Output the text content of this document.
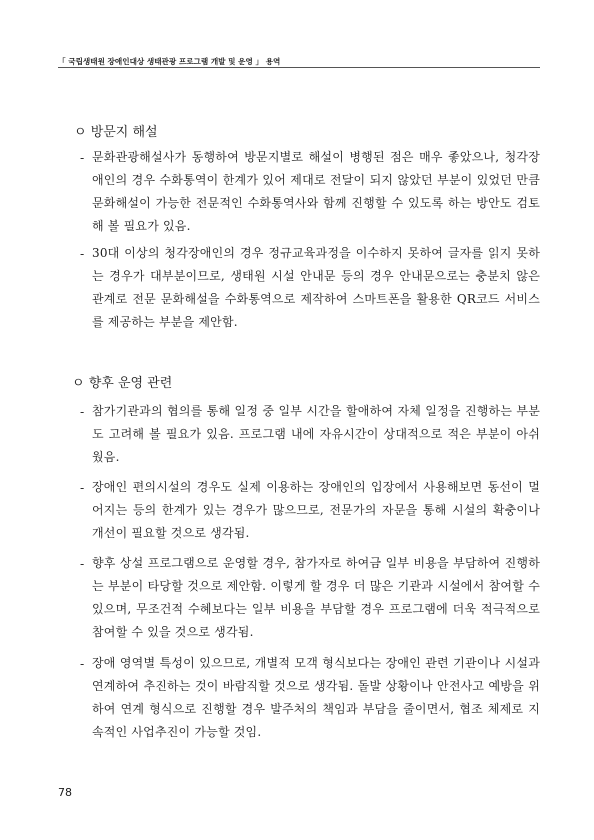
「 국립생태원 장애인대상 생태관광 프로그램 개발 및 운영 」 용역
ㅇ 방문지 해설
- 문화관광해설사가 동행하여 방문지별로 해설이 병행된 점은 매우 좋았으나, 청각장애인의 경우 수화통역이 한계가 있어 제대로 전달이 되지 않았던 부분이 있었던 만큼 문화해설이 가능한 전문적인 수화통역사와 함께 진행할 수 있도록 하는 방안도 검토해 볼 필요가 있음.
- 30대 이상의 청각장애인의 경우 정규교육과정을 이수하지 못하여 글자를 읽지 못하는 경우가 대부분이므로, 생태원 시설 안내문 등의 경우 안내문으로는 충분치 않은 관계로 전문 문화해설을 수화통역으로 제작하여 스마트폰을 활용한 QR코드 서비스를 제공하는 부분을 제안함.
ㅇ 향후 운영 관련
- 참가기관과의 협의를 통해 일정 중 일부 시간을 할애하여 자체 일정을 진행하는 부분도 고려해 볼 필요가 있음. 프로그램 내에 자유시간이 상대적으로 적은 부분이 아쉬웠음.
- 장애인 편의시설의 경우도 실제 이용하는 장애인의 입장에서 사용해보면 동선이 멀어지는 등의 한계가 있는 경우가 많으므로, 전문가의 자문을 통해 시설의 확충이나 개선이 필요할 것으로 생각됨.
- 향후 상설 프로그램으로 운영할 경우, 참가자로 하여금 일부 비용을 부담하여 진행하는 부분이 타당할 것으로 제안함. 이렇게 할 경우 더 많은 기관과 시설에서 참여할 수 있으며, 무조건적 수혜보다는 일부 비용을 부담할 경우 프로그램에 더욱 적극적으로 참여할 수 있을 것으로 생각됨.
- 장애 영역별 특성이 있으므로, 개별적 모객 형식보다는 장애인 관련 기관이나 시설과 연계하여 추진하는 것이 바람직할 것으로 생각됨. 돌발 상황이나 안전사고 예방을 위하여 연계 형식으로 진행할 경우 발주처의 책임과 부담을 줄이면서, 협조 체제로 지속적인 사업추진이 가능할 것임.
78
